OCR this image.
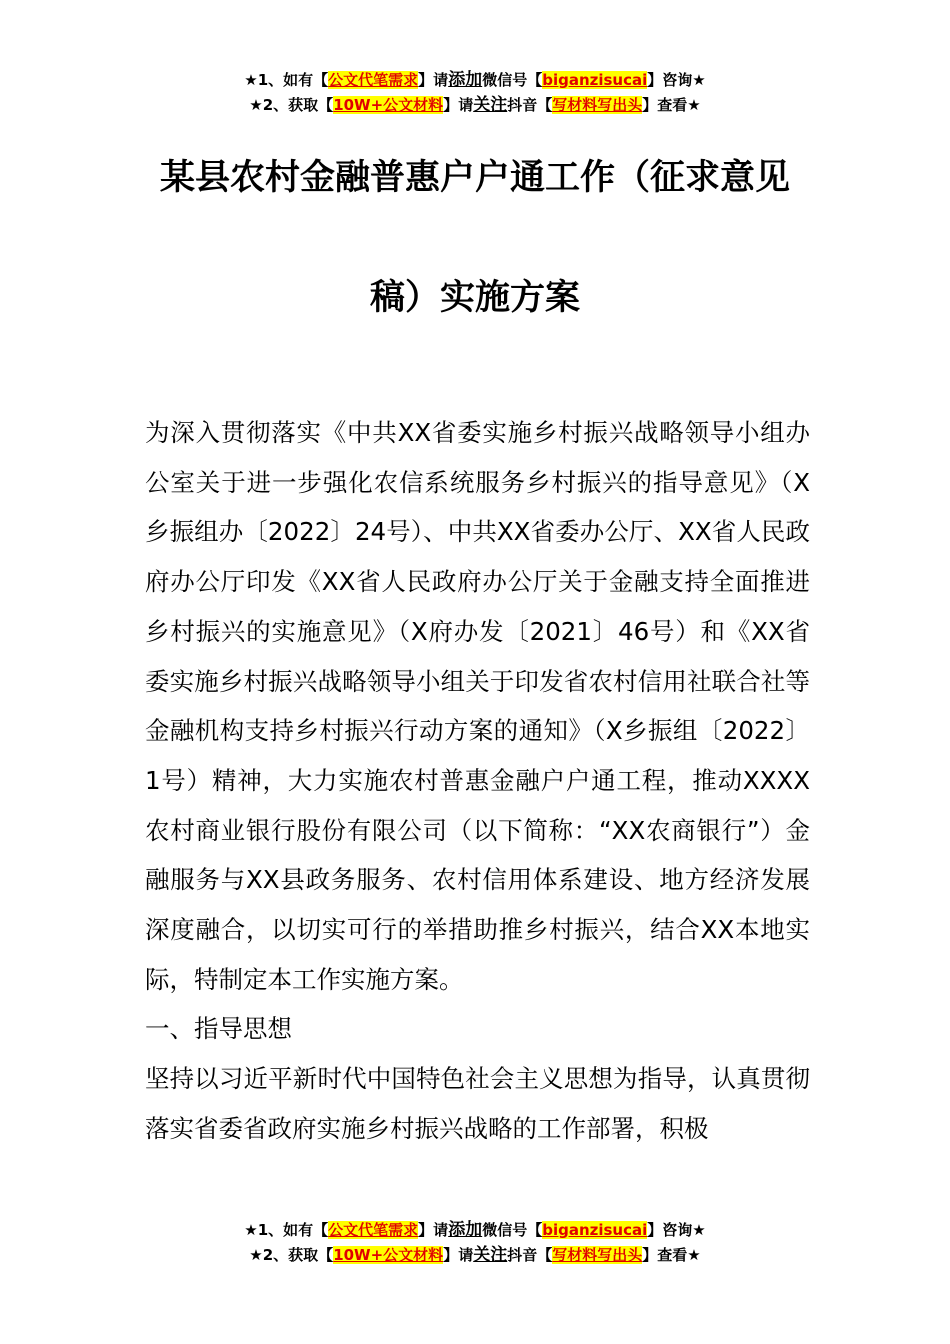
★1、如有【公文代笔需求】请添加微信号【biganzisucai】咨询★
★2、获取【10W+公文材料】请关注抖音【写材料写出头】查看★
某县农村金融普惠户户通工作（征求意见
稿）实施方案

为深入贯彻落实《中共XX省委实施乡村振兴战略领导小组办公室关于进一步强化农信系统服务乡村振兴的指导意见》（X乡振组办〔2022〕24号）、中共XX省委办公厅、XX省人民政府办公厅印发《XX省人民政府办公厅关于金融支持全面推进乡村振兴的实施意见》（X府办发〔2021〕46号）和《XX省委实施乡村振兴战略领导小组关于印发省农村信用社联合社等金融机构支持乡村振兴行动方案的通知》（X乡振组〔2022〕1号）精神，大力实施农村普惠金融户户通工程，推动XXXX农村商业银行股份有限公司（以下简称：“XX农商银行”）金融服务与XX县政务服务、农村信用体系建设、地方经济发展深度融合，以切实可行的举措助推乡村振兴，结合XX本地实际，特制定本工作实施方案。

一、指导思想

坚持以习近平新时代中国特色社会主义思想为指导，认真贯彻落实省委省政府实施乡村振兴战略的工作部署，积极

★1、如有【公文代笔需求】请添加微信号【biganzisucai】咨询★
★2、获取【10W+公文材料】请关注抖音【写材料写出头】查看★
